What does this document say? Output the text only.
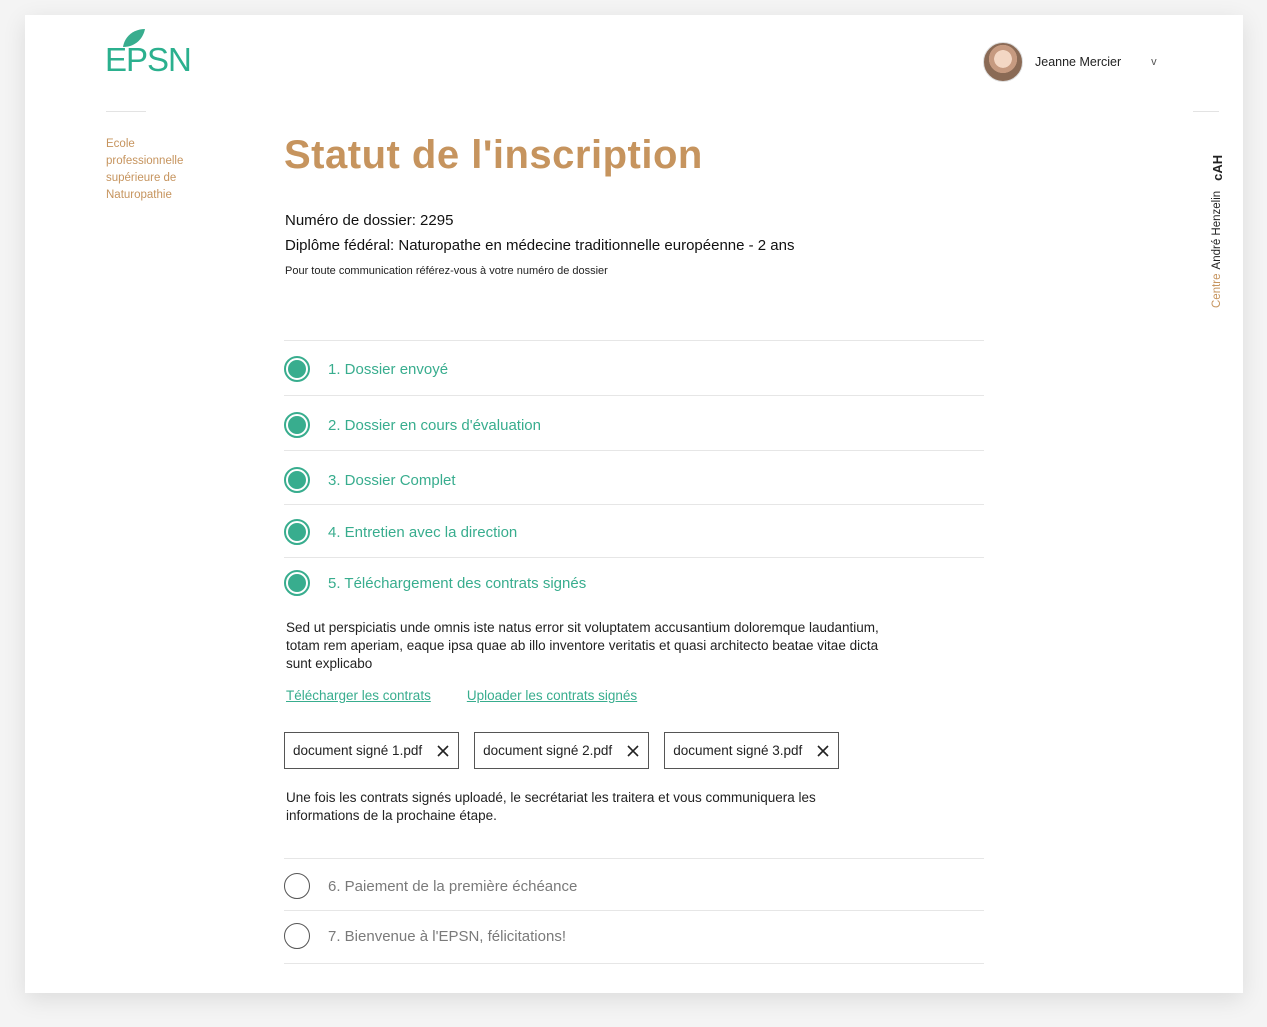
EPSN	Jeanne Mercier	v
Ecole
professionnelle
supérieure de
Naturopathie
Centre
André Henzelin
cAH
Statut de l'inscription
Numéro de dossier: 2295
Diplôme fédéral: Naturopathe en médecine traditionnelle européenne - 2 ans
Pour toute communication référez-vous à votre numéro de dossier
1. Dossier envoyé
2. Dossier en cours d'évaluation
3. Dossier Complet
4. Entretien avec la direction
5. Téléchargement des contrats signés

Sed ut perspiciatis unde omnis iste natus error sit voluptatem accusantium doloremque laudantium, totam rem aperiam, eaque ipsa quae ab illo inventore veritatis et quasi architecto beatae vitae dicta sunt explicabo

Télécharger les contrats	Uploader les contrats signés
document signé 1.pdf	document signé 2.pdf	document signé 3.pdf

Une fois les contrats signés uploadé, le secrétariat les traitera et vous communiquera les informations de la prochaine étape.

6. Paiement de la première échéance
7. Bienvenue à l'EPSN, félicitations!
